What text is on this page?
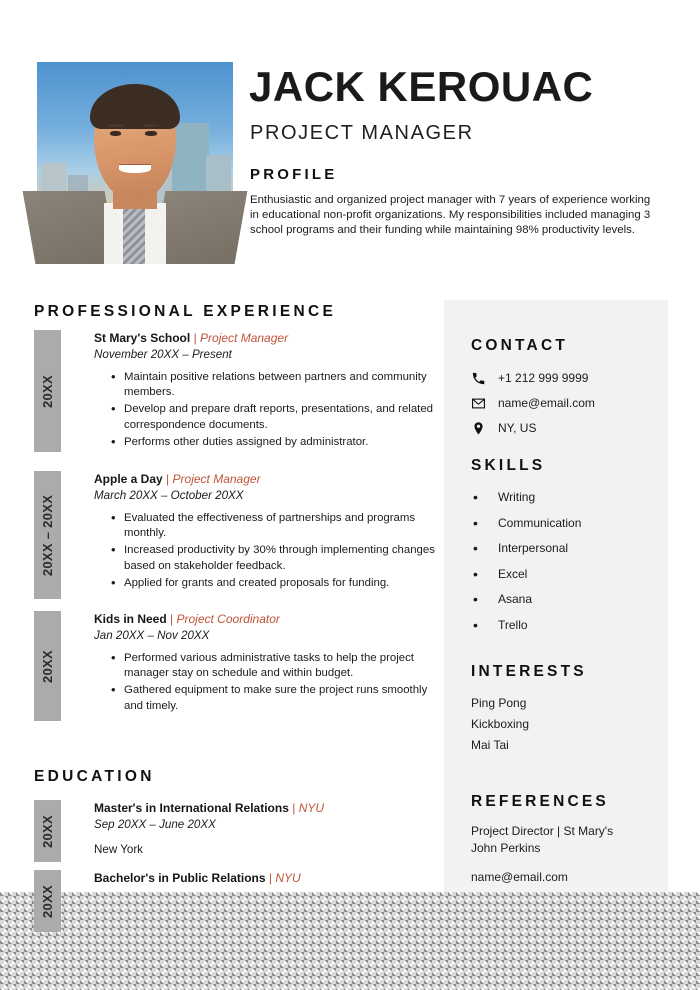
JACK KEROUAC
PROJECT MANAGER
PROFILE
Enthusiastic and organized project manager with 7 years of experience working in educational non-profit organizations. My responsibilities included managing 3 school programs and their funding while maintaining 98% productivity levels.
PROFESSIONAL EXPERIENCE
20XX
St Mary's School | Project Manager
November 20XX – Present
• Maintain positive relations between partners and community members.
• Develop and prepare draft reports, presentations, and related correspondence documents.
• Performs other duties assigned by administrator.
20XX – 20XX
Apple a Day | Project Manager
March 20XX – October 20XX
• Evaluated the effectiveness of partnerships and programs monthly.
• Increased productivity by 30% through implementing changes based on stakeholder feedback.
• Applied for grants and created proposals for funding.
20XX
Kids in Need | Project Coordinator
Jan 20XX – Nov 20XX
• Performed various administrative tasks to help the project manager stay on schedule and within budget.
• Gathered equipment to make sure the project runs smoothly and timely.
EDUCATION
20XX
Master's in International Relations | NYU
Sep 20XX – June 20XX
New York
20XX
Bachelor's in Public Relations | NYU
CONTACT
+1 212 999 9999
name@email.com
NY, US
SKILLS
• Writing
• Communication
• Interpersonal
• Excel
• Asana
• Trello
INTERESTS
Ping Pong
Kickboxing
Mai Tai
REFERENCES
Project Director | St Mary's
John Perkins
name@email.com
